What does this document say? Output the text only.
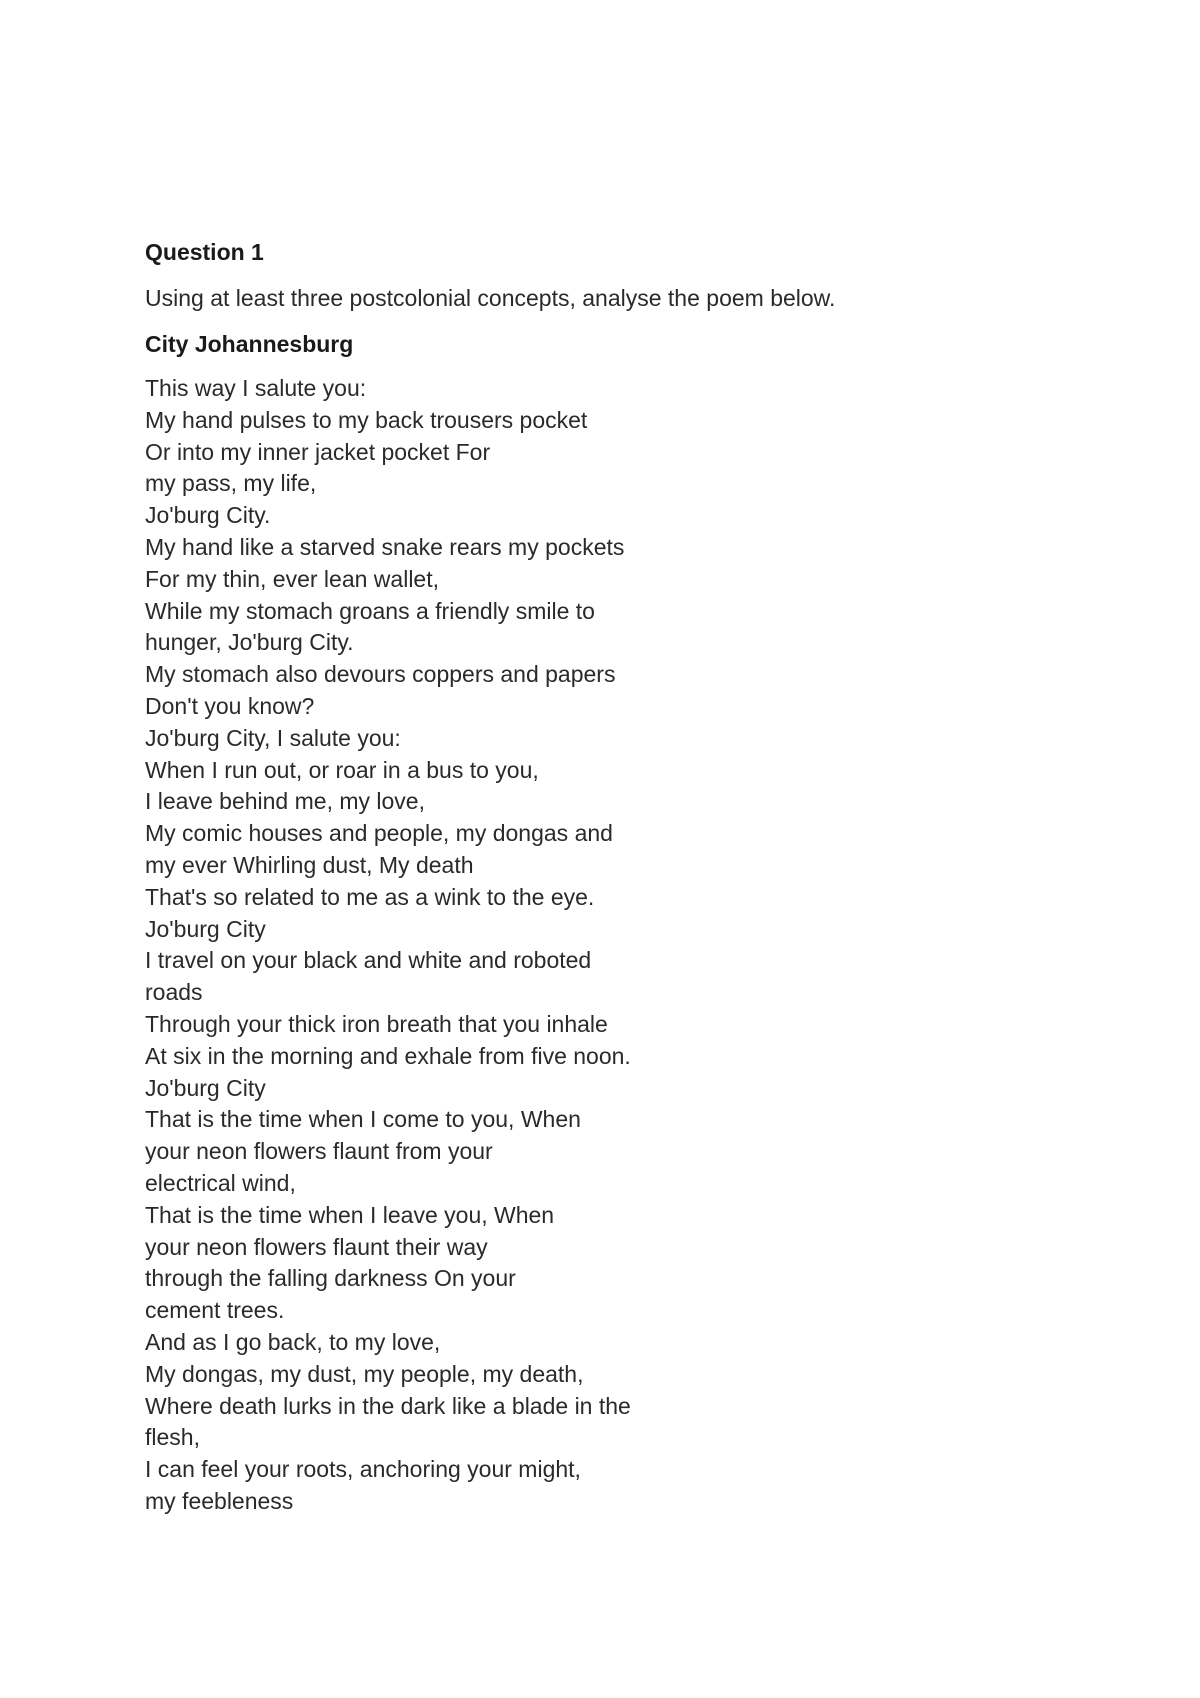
Question 1

Using at least three postcolonial concepts, analyse the poem below.

City Johannesburg

This way I salute you:
My hand pulses to my back trousers pocket
Or into my inner jacket pocket For
my pass, my life,
Jo'burg City.
My hand like a starved snake rears my pockets
For my thin, ever lean wallet,
While my stomach groans a friendly smile to
hunger, Jo'burg City.
My stomach also devours coppers and papers
Don't you know?
Jo'burg City, I salute you:
When I run out, or roar in a bus to you,
I leave behind me, my love,
My comic houses and people, my dongas and
my ever Whirling dust, My death
That's so related to me as a wink to the eye.
Jo'burg City
I travel on your black and white and roboted
roads
Through your thick iron breath that you inhale
At six in the morning and exhale from five noon.
Jo'burg City
That is the time when I come to you, When
your neon flowers flaunt from your
electrical wind,
That is the time when I leave you, When
your neon flowers flaunt their way
through the falling darkness On your
cement trees.
And as I go back, to my love,
My dongas, my dust, my people, my death,
Where death lurks in the dark like a blade in the
flesh,
I can feel your roots, anchoring your might,
my feebleness
